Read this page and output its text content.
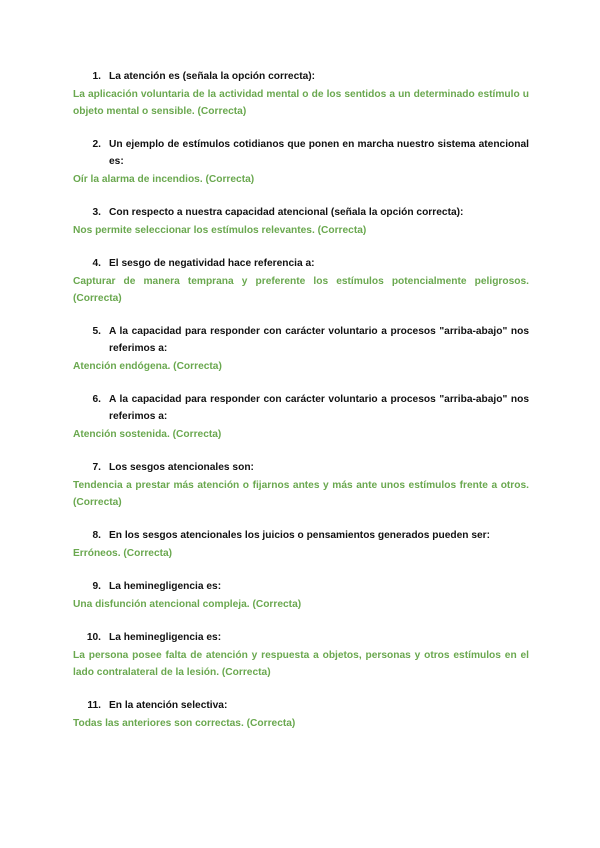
1. La atención es (señala la opción correcta):
La aplicación voluntaria de la actividad mental o de los sentidos a un determinado estímulo u objeto mental o sensible. (Correcta)
2. Un ejemplo de estímulos cotidianos que ponen en marcha nuestro sistema atencional es:
Oír la alarma de incendios. (Correcta)
3. Con respecto a nuestra capacidad atencional (señala la opción correcta):
Nos permite seleccionar los estímulos relevantes. (Correcta)
4. El sesgo de negatividad hace referencia a:
Capturar de manera temprana y preferente los estímulos potencialmente peligrosos. (Correcta)
5. A la capacidad para responder con carácter voluntario a procesos "arriba-abajo" nos referimos a:
Atención endógena. (Correcta)
6. A la capacidad para responder con carácter voluntario a procesos "arriba-abajo" nos referimos a:
Atención sostenida. (Correcta)
7. Los sesgos atencionales son:
Tendencia a prestar más atención o fijarnos antes y más ante unos estímulos frente a otros. (Correcta)
8. En los sesgos atencionales los juicios o pensamientos generados pueden ser:
Erróneos. (Correcta)
9. La heminegligencia es:
Una disfunción atencional compleja. (Correcta)
10. La heminegligencia es:
La persona posee falta de atención y respuesta a objetos, personas y otros estímulos en el lado contralateral de la lesión. (Correcta)
11. En la atención selectiva:
Todas las anteriores son correctas. (Correcta)
